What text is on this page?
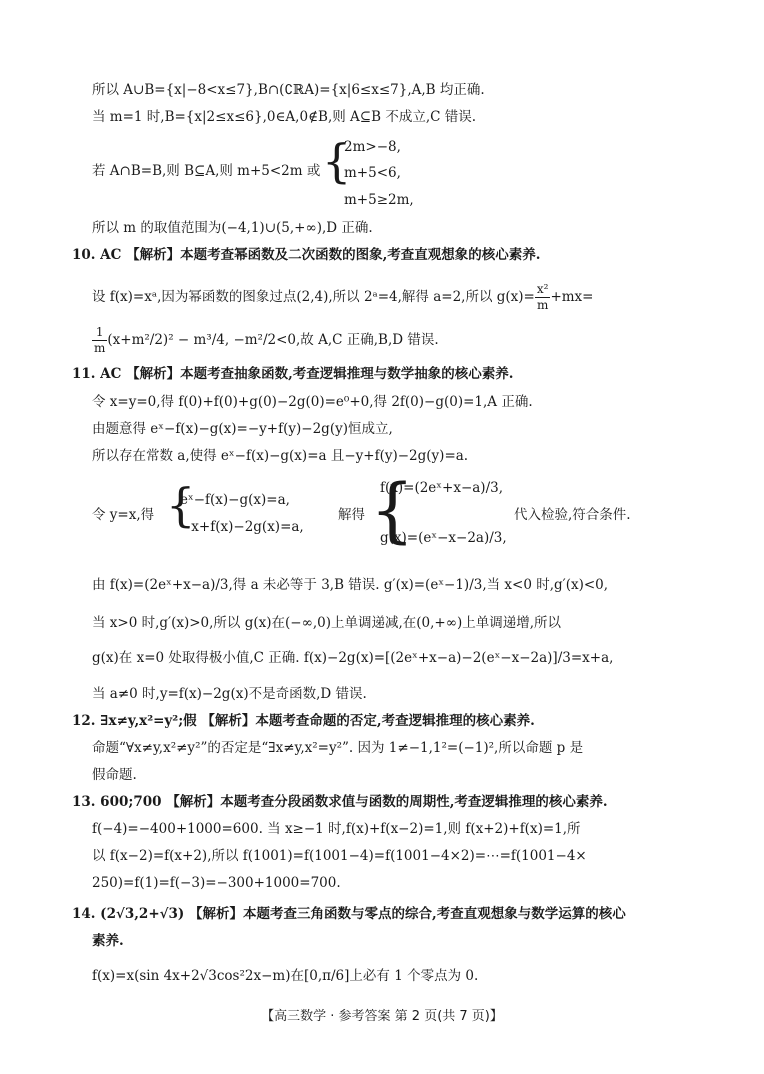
所以 A∪B={x|−8<x≤7},B∩(∁ℝA)={x|6≤x≤7},A,B 均正确.
当 m=1 时,B={x|2≤x≤6},0∈A,0∉B,则 A⊆B 不成立,C 错误.
若 A∩B=B,则 B⊆A,则 m+5<2m 或 {
2m>−8,
m+5<6,
m+5≥2m,
所以 m 的取值范围为(−4,1)∪(5,+∞),D 正确.
10. AC 【解析】本题考查幂函数及二次函数的图象,考查直观想象的核心素养.
设 f(x)=xᵃ,因为幂函数的图象过点(2,4),所以 2ᵃ=4,解得 a=2,所以 $g(x)= \frac{\text{x²}}{m} +mx=$
$\frac{1}{m} (x+m^2/2)^2 - m^3/4$, −m²/2<0,故 A,C 正确,B,D 错误.
11. AC 【解析】本题考查抽象函数,考查逻辑推理与数学抽象的核心素养.
令 x=y=0,得 f(0)+f(0)+g(0)−2g(0)=e⁰+0,得 2f(0)−g(0)=1,A 正确.
由题意得 eˣ−f(x)−g(x)=−y+f(y)−2g(y)恒成立,
所以存在常数 a,使得 eˣ−f(x)−g(x)=a 且−y+f(y)−2g(y)=a.
令 y=x,得 {
eˣ−f(x)−g(x)=a,
−x+f(x)−2g(x)=a,
解得 {
f(x)=(2eˣ+x−a)/3,
g(x)=(eˣ−x−2a)/3,
代入检验,符合条件.
由 f(x)=(2eˣ+x−a)/3,得 a 未必等于 3,B 错误. g′(x)=(eˣ−1)/3,当 x<0 时,g′(x)<0,
当 x>0 时,g′(x)>0,所以 g(x)在(−∞,0)上单调递减,在(0,+∞)上单调递增,所以
g(x)在 x=0 处取得极小值,C 正确. f(x)−2g(x)=[(2eˣ+x−a)−2(eˣ−x−2a)]/3=x+a,
当 a≠0 时,y=f(x)−2g(x)不是奇函数,D 错误.
12. ∃x≠y,x²=y²;假 【解析】本题考查命题的否定,考查逻辑推理的核心素养.
命题“∀x≠y,x²≠y²”的否定是“∃x≠y,x²=y²”. 因为 1≠−1,1²=(−1)²,所以命题 p 是
假命题.
13. 600;700 【解析】本题考查分段函数求值与函数的周期性,考查逻辑推理的核心素养.
f(−4)=−400+1000=600. 当 x≥−1 时,f(x)+f(x−2)=1,则 f(x+2)+f(x)=1,所
以 f(x−2)=f(x+2),所以 f(1001)=f(1001−4)=f(1001−4×2)=⋯=f(1001−4×
250)=f(1)=f(−3)=−300+1000=700.
14. (2√3,2+√3) 【解析】本题考查三角函数与零点的综合,考查直观想象与数学运算的核心
素养.
f(x)=x(sin 4x+2√3cos²2x−m)在[0,π/6]上必有 1 个零点为 0.
【高三数学 · 参考答案 第 2 页(共 7 页)】
